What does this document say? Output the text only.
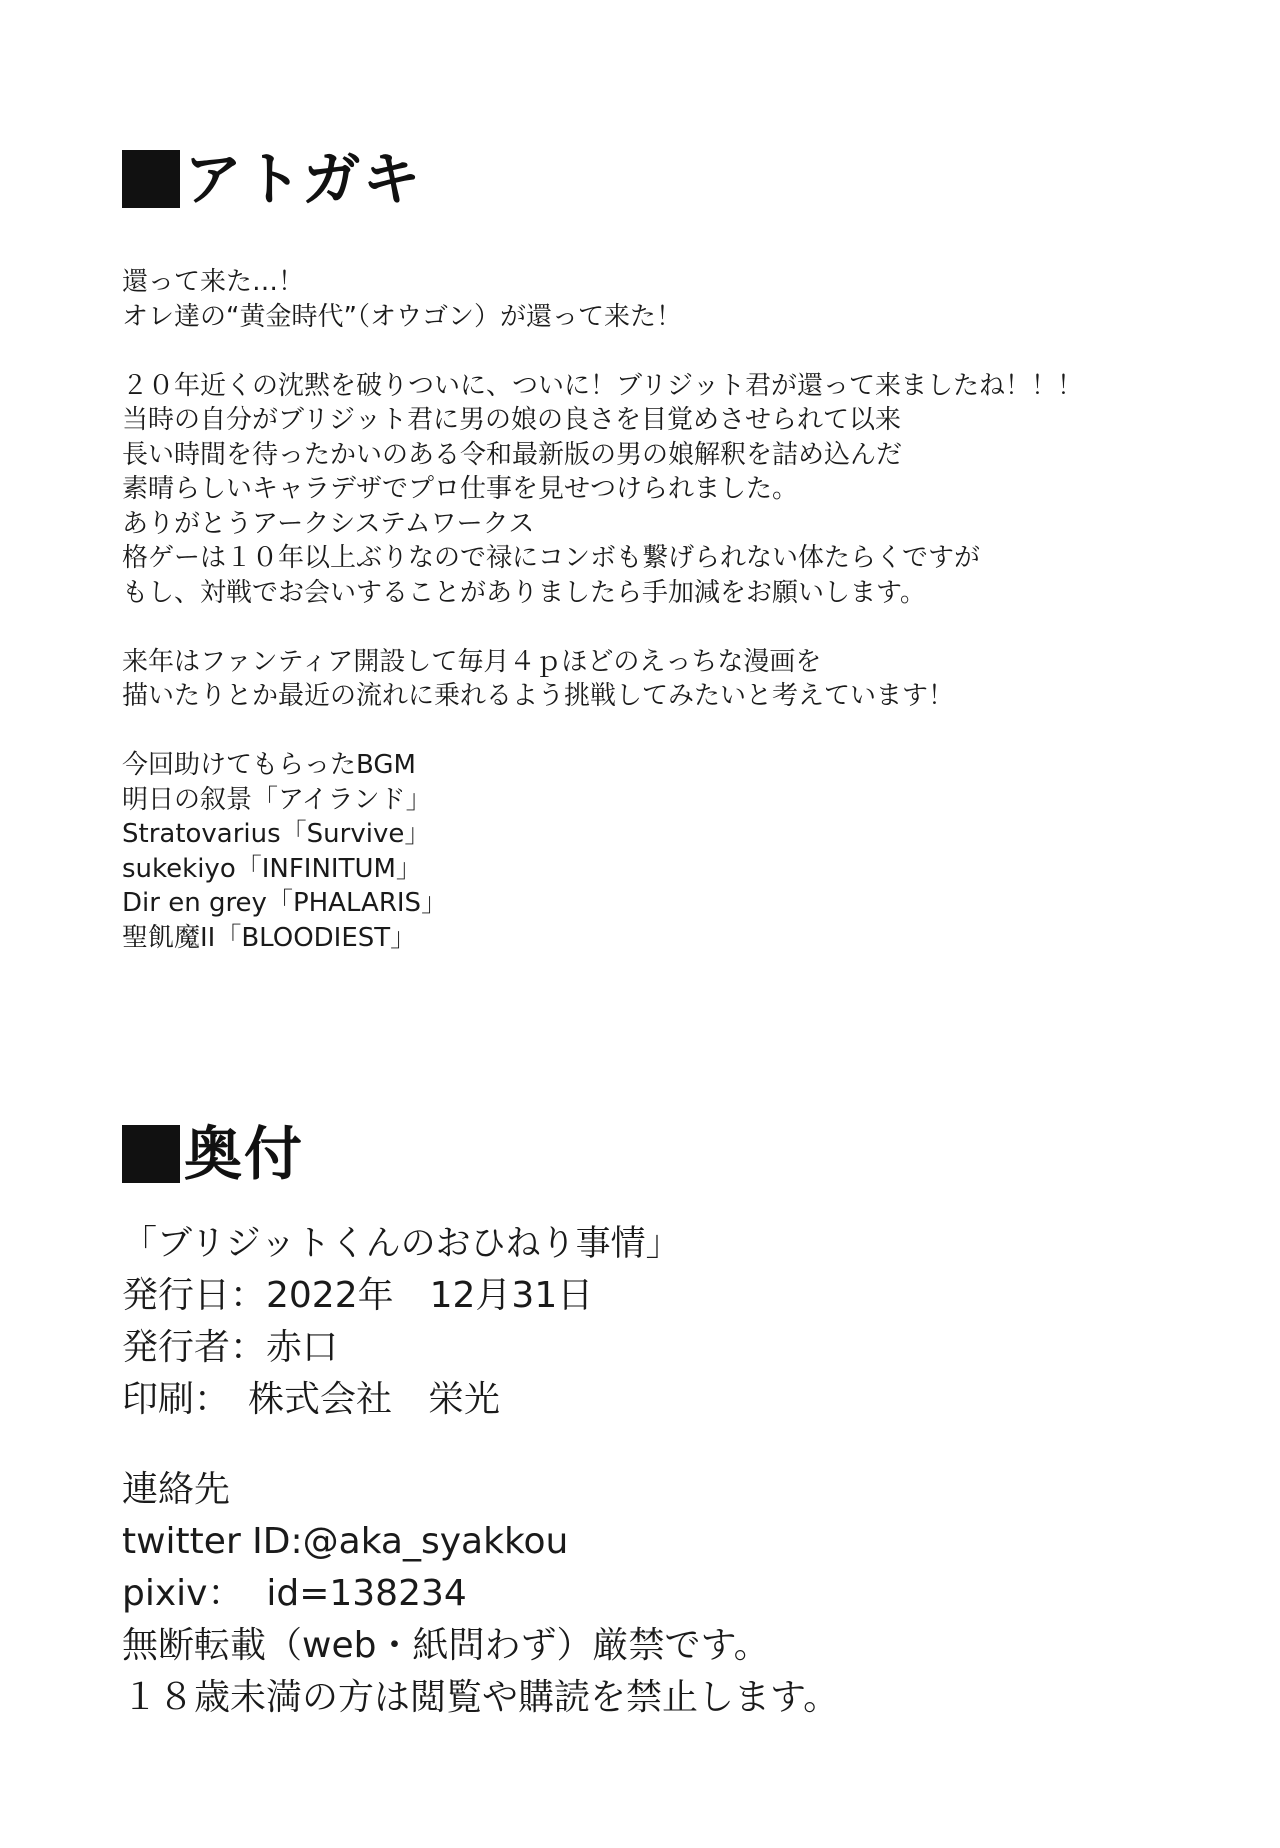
アトガキ
還って来た…！
オレ達の“黄金時代”（オウゴン）が還って来た！
２０年近くの沈黙を破りついに、ついに！ブリジット君が還って来ましたね！！！
当時の自分がブリジット君に男の娘の良さを目覚めさせられて以来
長い時間を待ったかいのある令和最新版の男の娘解釈を詰め込んだ
素晴らしいキャラデザでプロ仕事を見せつけられました。
ありがとうアークシステムワークス
格ゲーは１０年以上ぶりなので禄にコンボも繋げられない体たらくですが
もし、対戦でお会いすることがありましたら手加減をお願いします。
来年はファンティア開設して毎月４ｐほどのえっちな漫画を
描いたりとか最近の流れに乗れるよう挑戦してみたいと考えています！
今回助けてもらったBGM
明日の叙景「アイランド」
Stratovarius「Survive」
sukekiyo「INFINITUM」
Dir en grey「PHALARIS」
聖飢魔II「BLOODIEST」
奥付
「ブリジットくんのおひねり事情」
発行日：2022年　12月31日
発行者：赤口
印刷：　株式会社　栄光
連絡先
twitter ID:@aka_syakkou
pixiv：  id=138234
無断転載（web・紙問わず）厳禁です。
１８歳未満の方は閲覧や購読を禁止します。
